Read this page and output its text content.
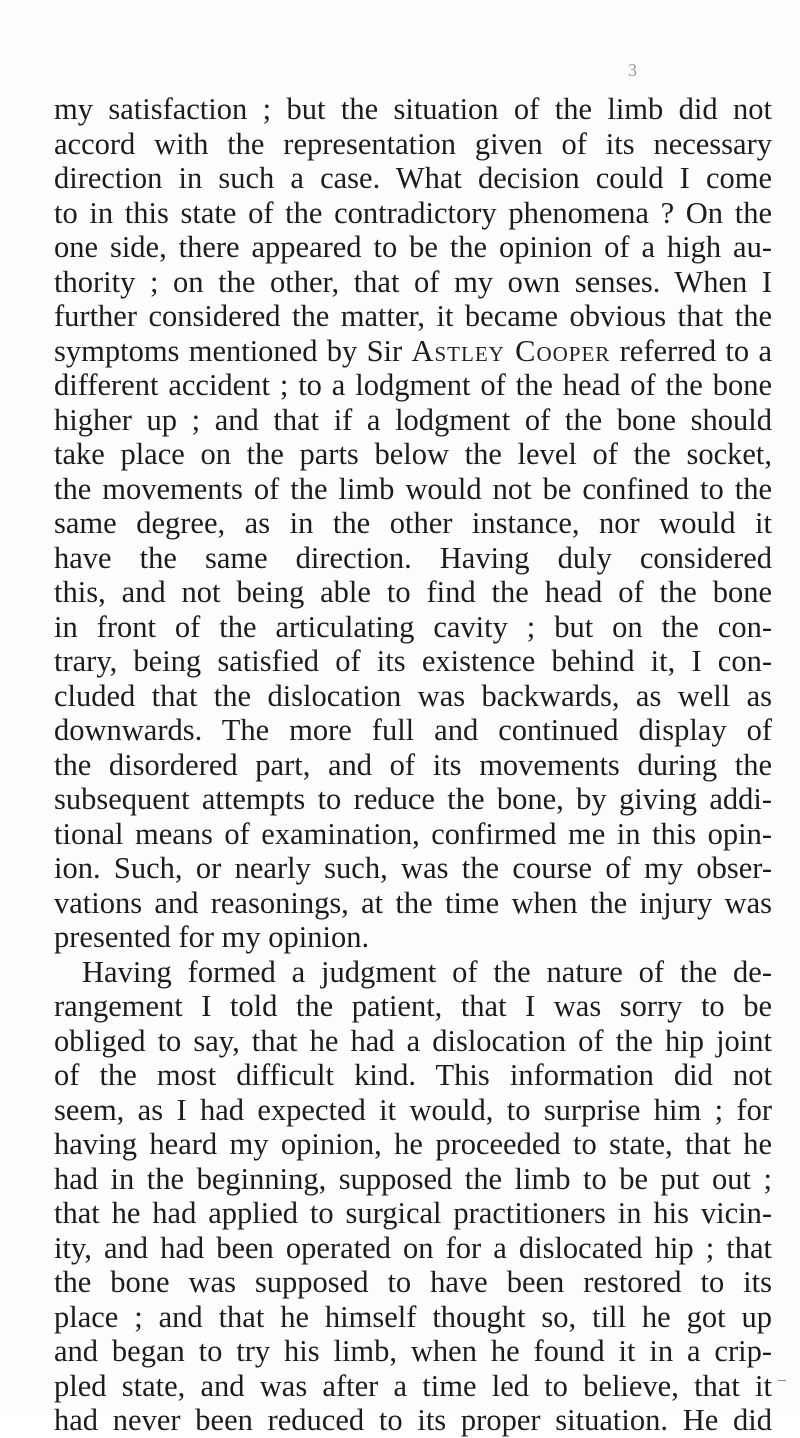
3
my satisfaction ; but the situation of the limb did not
accord with the representation given of its necessary
direction in such a case. What decision could I come
to in this state of the contradictory phenomena ? On the
one side, there appeared to be the opinion of a high au-
thority ; on the other, that of my own senses. When I
further considered the matter, it became obvious that the
symptoms mentioned by Sir Astley Cooper referred to a
different accident ; to a lodgment of the head of the bone
higher up ; and that if a lodgment of the bone should
take place on the parts below the level of the socket,
the movements of the limb would not be confined to the
same degree, as in the other instance, nor would it
have the same direction. Having duly considered
this, and not being able to find the head of the bone
in front of the articulating cavity ; but on the con-
trary, being satisfied of its existence behind it, I con-
cluded that the dislocation was backwards, as well as
downwards. The more full and continued display of
the disordered part, and of its movements during the
subsequent attempts to reduce the bone, by giving addi-
tional means of examination, confirmed me in this opin-
ion. Such, or nearly such, was the course of my obser-
vations and reasonings, at the time when the injury was
presented for my opinion.
Having formed a judgment of the nature of the de-
rangement I told the patient, that I was sorry to be
obliged to say, that he had a dislocation of the hip joint
of the most difficult kind. This information did not
seem, as I had expected it would, to surprise him ; for
having heard my opinion, he proceeded to state, that he
had in the beginning, supposed the limb to be put out ;
that he had applied to surgical practitioners in his vicin-
ity, and had been operated on for a dislocated hip ; that
the bone was supposed to have been restored to its
place ; and that he himself thought so, till he got up
and began to try his limb, when he found it in a crip-
pled state, and was after a time led to believe, that it
had never been reduced to its proper situation. He did
